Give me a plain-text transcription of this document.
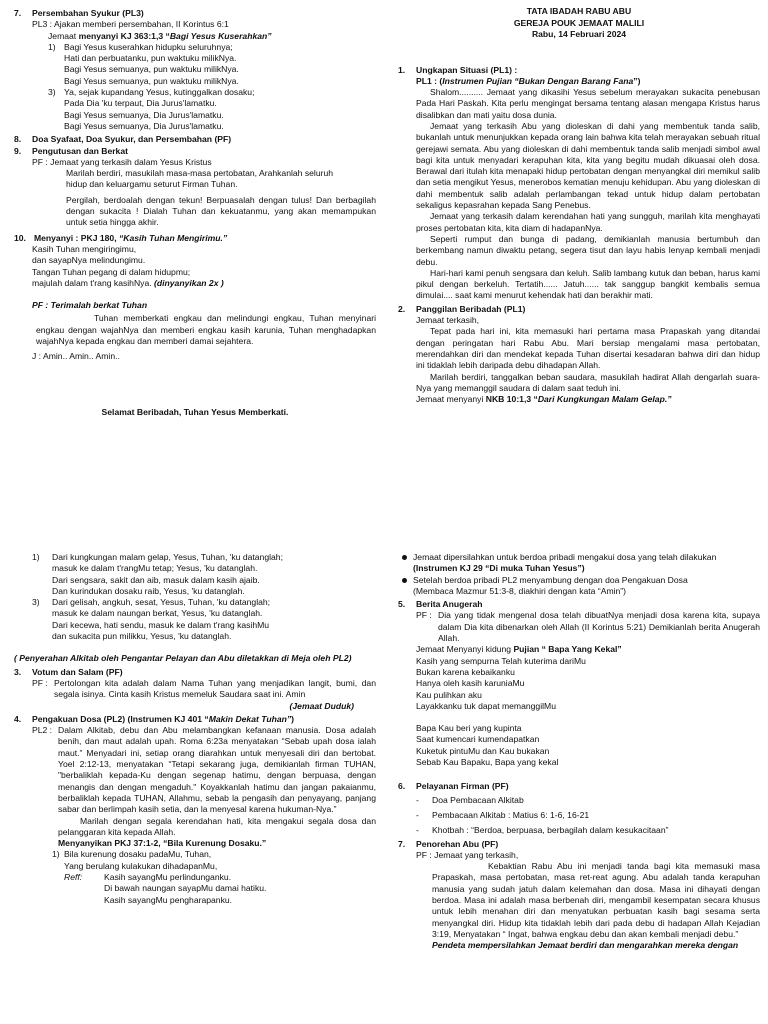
7.	Persembahan Syukur (PL3)

PL3 : Ajakan memberi persembahan, II Korintus 6:1

Jemaat menyanyi KJ 363:1,3 “Bagi Yesus Kuserahkan”

1) Bagi Yesus kuserahkan hidupku seluruhnya;

Hati dan perbuatanku, pun waktuku milikNya.

Bagi Yesus semuanya, pun waktuku milikNya.

Bagi Yesus semuanya, pun waktuku milikNya.

3) Ya, sejak kupandang Yesus, kutinggalkan dosaku;

Pada Dia 'ku terpaut, Dia Jurus'lamatku.

Bagi Yesus semuanya, Dia Jurus'lamatku.

Bagi Yesus semuanya, Dia Jurus'lamatku.

8.	Doa Syafaat, Doa Syukur, dan Persembahan (PF)
9.	Pengutusan dan Berkat

PF : Jemaat yang terkasih dalam Yesus Kristus

Marilah berdiri, masukilah masa-masa pertobatan, Arahkanlah seluruh

hidup dan keluargamu seturut Firman Tuhan.

Pergilah, berdoalah dengan tekun! Berpuasalah dengan tulus! Dan berbagilah dengan sukacita ! Dialah Tuhan dan kekuatanmu, yang akan memampukan untuk setia hingga akhir.

10. Menyanyi : PKJ 180, “Kasih Tuhan Mengirimu.”

Kasih Tuhan mengiringimu,

dan sayapNya melindungimu.

Tangan Tuhan pegang di dalam hidupmu;

majulah dalam t'rang kasihNya. (dinyanyikan 2x )

PF : Terimalah berkat Tuhan

Tuhan memberkati engkau dan melindungi engkau, Tuhan menyinari engkau dengan wajahNya dan memberi engkau kasih karunia, Tuhan menghadapkan wajahNya kepada engkau dan memberi damai sejahtera.

J : Amin.. Amin.. Amin..

Selamat Beribadah, Tuhan Yesus Memberkati.

TATA IBADAH RABU ABU

GEREJA POUK JEMAAT MALILI

Rabu, 14 Februari 2024

1.	Ungkapan Situasi (PL1) :

PL1 : (Instrumen Pujian “Bukan Dengan Barang Fana”)

Shalom.......... Jemaat yang dikasihi Yesus sebelum merayakan sukacita penebusan Pada Hari Paskah. Kita perlu mengingat bersama tentang alasan mengapa Kristus harus disalibkan dan mati yaitu dosa dunia.

Jemaat yang terkasih Abu yang dioleskan di dahi yang membentuk tanda salib, bukanlah untuk menunjukkan kepada orang lain bahwa kita telah merayakan sebuah ritual gerejawi semata. Abu yang dioleskan di dahi membentuk tanda salib menjadi simbol awal bagi kita untuk menyadari kerapuhan kita, kita yang begitu mudah dikuasai oleh dosa. Berawal dari itulah kita menapaki hidup pertobatan dengan menyangkal diri memikul salib dan setia mengikut Yesus, menerobos kematian menuju kehidupan. Abu yang dioleskan di dahi membentuk salib adalah perlambangan tekad untuk hidup dalam pertobatan sekaligus kepasrahan kepada Sang Penebus.

Jemaat yang terkasih dalam kerendahan hati yang sungguh, marilah kita menghayati proses pertobatan kita, kita diam di hadapanNya.

Seperti rumput dan bunga di padang, demikianlah manusia bertumbuh dan berkembang namun diwaktu petang, segera tisut dan layu habis lenyap kembali menjadi debu.

Hari-hari kami penuh sengsara dan keluh. Salib lambang kutuk dan beban, harus kami pikul dengan berkeluh. Tertatih...... Jatuh...... tak sanggup bangkit kembalis semua dimulai.... saat kami menurut kehendak hati dan berakhir mati.

2.	Panggilan Beribadah (PL1)

Jemaat terkasih,

Tepat pada hari ini, kita memasuki hari pertama masa Prapaskah yang ditandai dengan peringatan hari Rabu Abu. Mari bersiap mengalami masa pertobatan, merendahkan diri dan mendekat kepada Tuhan disertai kesadaran bahwa diri dan hidup ini tidaklah lebih daripada debu dihadapan Allah.

Marilah berdiri, tanggalkan beban saudara, masukilah hadirat Allah dengarlah suara-Nya yang memanggil saudara di dalam saat teduh ini.

Jemaat menyanyi NKB 10:1,3 “Dari Kungkungan Malam Gelap.”

1)	Dari kungkungan malam gelap, Yesus, Tuhan, 'ku datanglah;

masuk ke dalam t'rangMu tetap; Yesus, 'ku datanglah.

Dari sengsara, sakit dan aib, masuk dalam kasih ajaib.

Dan kurindukan dosaku raib, Yesus, 'ku datanglah.

3)	Dari gelisah, angkuh, sesat, Yesus, Tuhan, 'ku datanglah;

masuk ke dalam naungan berkat, Yesus, 'ku datanglah.

Dari kecewa, hati sendu, masuk ke dalam t'rang kasihMu

dan sukacita pun milikku, Yesus, 'ku datanglah.

( Penyerahan Alkitab oleh Pengantar Pelayan dan Abu diletakkan di Meja oleh PL2)

3.	Votum dan Salam (PF)
PF : Pertolongan kita adalah dalam Nama Tuhan yang menjadikan langit, bumi, dan segala isinya. Cinta kasih Kristus memeluk Saudara saat ini. Amin

(Jemaat Duduk)

4.	Pengakuan Dosa (PL2) (Instrumen KJ 401 “Makin Dekat Tuhan”)
PL2 : Dalam Alkitab, debu dan Abu melambangkan kefanaan manusia. Dosa adalah benih, dan maut adalah upah. Roma 6:23a menyatakan “Sebab upah dosa ialah maut.” Menyadari ini, setiap orang diarahkan untuk menyesali diri dan bertobat. Yoel 2:12-13, menyatakan “Tetapi sekarang juga, demikianlah firman TUHAN, "berbaliklah kepada-Ku dengan segenap hatimu, dengan berpuasa, dengan menangis dan dengan mengaduh." Koyakkanlah hatimu dan jangan pakaianmu, berbaliklah kepada TUHAN, Allahmu, sebab la pengasih dan penyayang, panjang sabar dan berlimpah kasih setia, dan la menyesal karena hukuman-Nya.”

Marilah dengan segala kerendahan hati, kita mengakui segala dosa dan pelanggaran kita kepada Allah.

Menyanyikan PKJ 37:1-2, “Bila Kurenung Dosaku.”

1) Bila kurenung dosaku padaMu, Tuhan,

Yang berulang kulakukan dihadapanMu,

Reff:	Kasih sayangMu perlindunganku.

Di bawah naungan sayapMu damai hatiku.

Kasih sayangMu pengharapanku.

Jemaat dipersilahkan untuk berdoa pribadi mengakui dosa yang telah dilakukan

(Instrumen KJ 29 “Di muka Tuhan Yesus”)

Setelah berdoa pribadi PL2 menyambung dengan doa Pengakuan Dosa

(Membaca Mazmur 51:3-8, diakhiri dengan kata “Amin”)

5.	Berita Anugerah
PF : Dia yang tidak mengenal dosa telah dibuatNya menjadi dosa karena kita, supaya dalam Dia kita dibenarkan oleh Allah (II Korintus 5:21) Demikianlah berita Anugerah Allah.

Jemaat Menyanyi kidung Pujian “ Bapa Yang Kekal”

Kasih yang sempurna Telah kuterima dariMu

Bukan karena kebaikanku

Hanya oleh kasih karuniaMu

Kau pulihkan aku

Layakkanku tuk dapat memanggilMu

Bapa Kau beri yang kupinta

Saat kumencari kumendapatkan

Kuketuk pintuMu dan Kau bukakan

Sebab Kau Bapaku, Bapa yang kekal

6.	Pelayanan Firman (PF)
-	Doa Pembacaan Alkitab
-	Pembacaan Alkitab : Matius 6: 1-6, 16-21
-	Khotbah : “Berdoa, berpuasa, berbagilah dalam kesukacitaan”
7.	Penorehan Abu (PF)

PF : Jemaat yang terkasih,

Kebaktian Rabu Abu ini menjadi tanda bagi kita memasuki masa Prapaskah, masa pertobatan, masa ret-reat agung. Abu adalah tanda kerapuhan manusia yang sudah jatuh dalam kelemahan dan dosa. Masa ini dihayati dengan berdoa. Masa ini adalah masa berbenah diri, mengambil kesempatan secara khusus untuk lebih menahan diri dan menyatukan perbuatan kasih bagi sesama serta menyangkal diri. Hidup kita tidaklah lebih dari pada debu di hadapan Allah Kejadian 3:19, Menyatakan “ Ingat, bahwa engkau debu dan akan kembali menjadi debu.”

Pendeta mempersilahkan Jemaat berdiri dan mengarahkan mereka dengan
